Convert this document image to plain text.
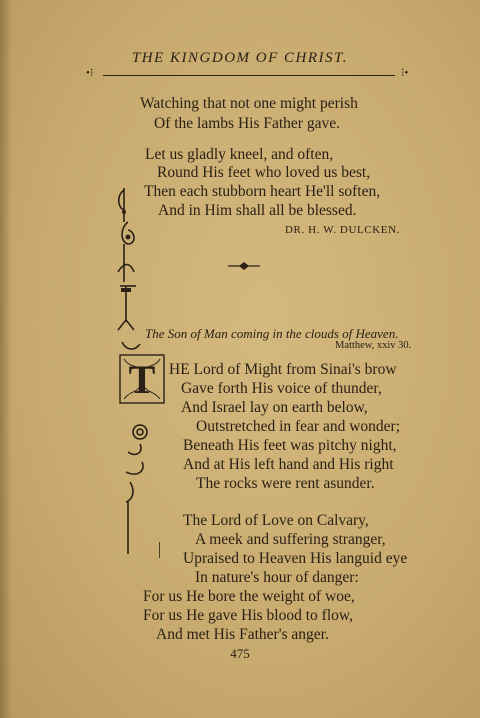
THE KINGDOM OF CHRIST.
•⁝	⁝•
Watching that not one might perish
Of the lambs His Father gave.
Let us gladly kneel, and often,
Round His feet who loved us best,
Then each stubborn heart He'll soften,
And in Him shall all be blessed.
DR. H. W. DULCKEN.
The Son of Man coming in the clouds of Heaven.
Matthew, xxiv 30.
T HE Lord of Might from Sinai's brow
Gave forth His voice of thunder,
And Israel lay on earth below,
Outstretched in fear and wonder;
Beneath His feet was pitchy night,
And at His left hand and His right
The rocks were rent asunder.
The Lord of Love on Calvary,
A meek and suffering stranger,
Upraised to Heaven His languid eye
In nature's hour of danger:
For us He bore the weight of woe,
For us He gave His blood to flow,
And met His Father's anger.
475
